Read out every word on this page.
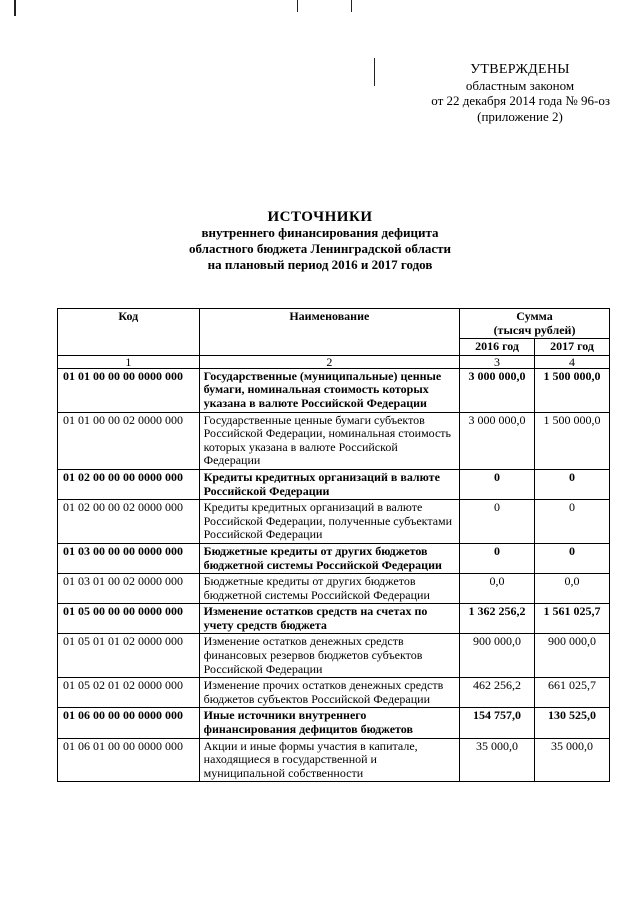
УТВЕРЖДЕНЫ
областным законом
от 22 декабря 2014 года № 96-оз
(приложение 2)
ИСТОЧНИКИ
внутреннего финансирования дефицита
областного бюджета Ленинградской области
на плановый период 2016 и 2017 годов
Код	Наименование	Сумма
(тысяч рублей)	

		2016 год	2017 год
1	2	3	4
01 01 00 00 00 0000 000	Государственные (муниципальные) ценные бумаги, номинальная стоимость которых указана в валюте Российской Федерации	3 000 000,0	1 500 000,0
01 01 00 00 02 0000 000	Государственные ценные бумаги субъектов Российской Федерации, номинальная стоимость которых указана в валюте Российской Федерации	3 000 000,0	1 500 000,0
01 02 00 00 00 0000 000	Кредиты кредитных организаций в валюте Российской Федерации	0	0
01 02 00 00 02 0000 000	Кредиты кредитных организаций в валюте Российской Федерации, полученные субъектами Российской Федерации	0	0
01 03 00 00 00 0000 000	Бюджетные кредиты от других бюджетов бюджетной системы Российской Федерации	0	0
01 03 01 00 02 0000 000	Бюджетные кредиты от других бюджетов бюджетной системы Российской Федерации	0,0	0,0
01 05 00 00 00 0000 000	Изменение остатков средств на счетах по учету средств бюджета	1 362 256,2	1 561 025,7
01 05 01 01 02 0000 000	Изменение остатков денежных средств финансовых резервов бюджетов субъектов Российской Федерации	900 000,0	900 000,0
01 05 02 01 02 0000 000	Изменение прочих остатков денежных средств бюджетов субъектов Российской Федерации	462 256,2	661 025,7
01 06 00 00 00 0000 000	Иные источники внутреннего финансирования дефицитов бюджетов	154 757,0	130 525,0
01 06 01 00 00 0000 000	Акции и иные формы участия в капитале, находящиеся в государственной и муниципальной собственности	35 000,0	35 000,0
